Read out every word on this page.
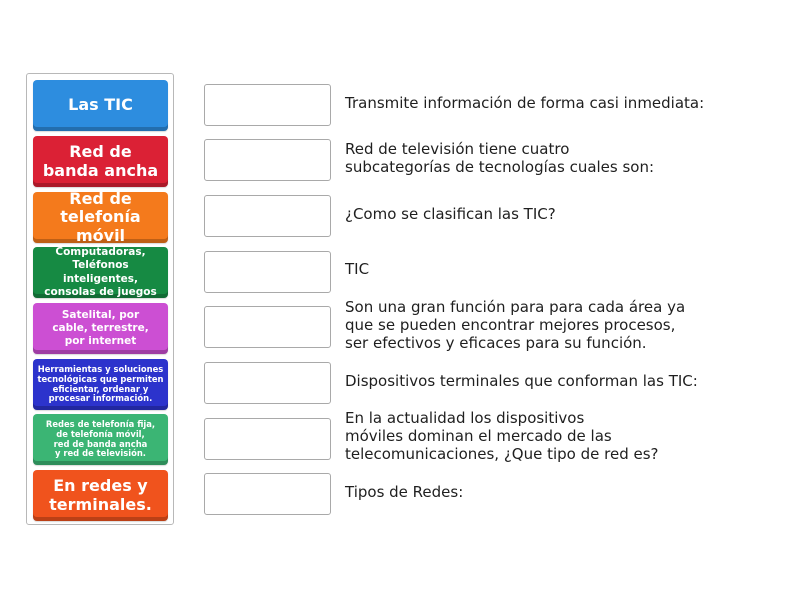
Las TIC
Red de
banda ancha
Red de
telefonía móvil
Computadoras,
Teléfonos inteligentes,
consolas de juegos
Satelital, por
cable, terrestre,
por internet
Herramientas y soluciones
tecnológicas que permiten
eficientar, ordenar y
procesar información.
Redes de telefonía fija,
de telefonía móvil,
red de banda ancha
y red de televisión.
En redes y
terminales.
Transmite información de forma casi inmediata:
Red de televisión tiene cuatro
subcategorías de tecnologías cuales son:
¿Como se clasifican las TIC?
TIC
Son una gran función para para cada área ya
que se pueden encontrar mejores procesos,
ser efectivos y eficaces para su función.
Dispositivos terminales que conforman las TIC:
En la actualidad los dispositivos
móviles dominan el mercado de las
telecomunicaciones, ¿Que tipo de red es?
Tipos de Redes:
